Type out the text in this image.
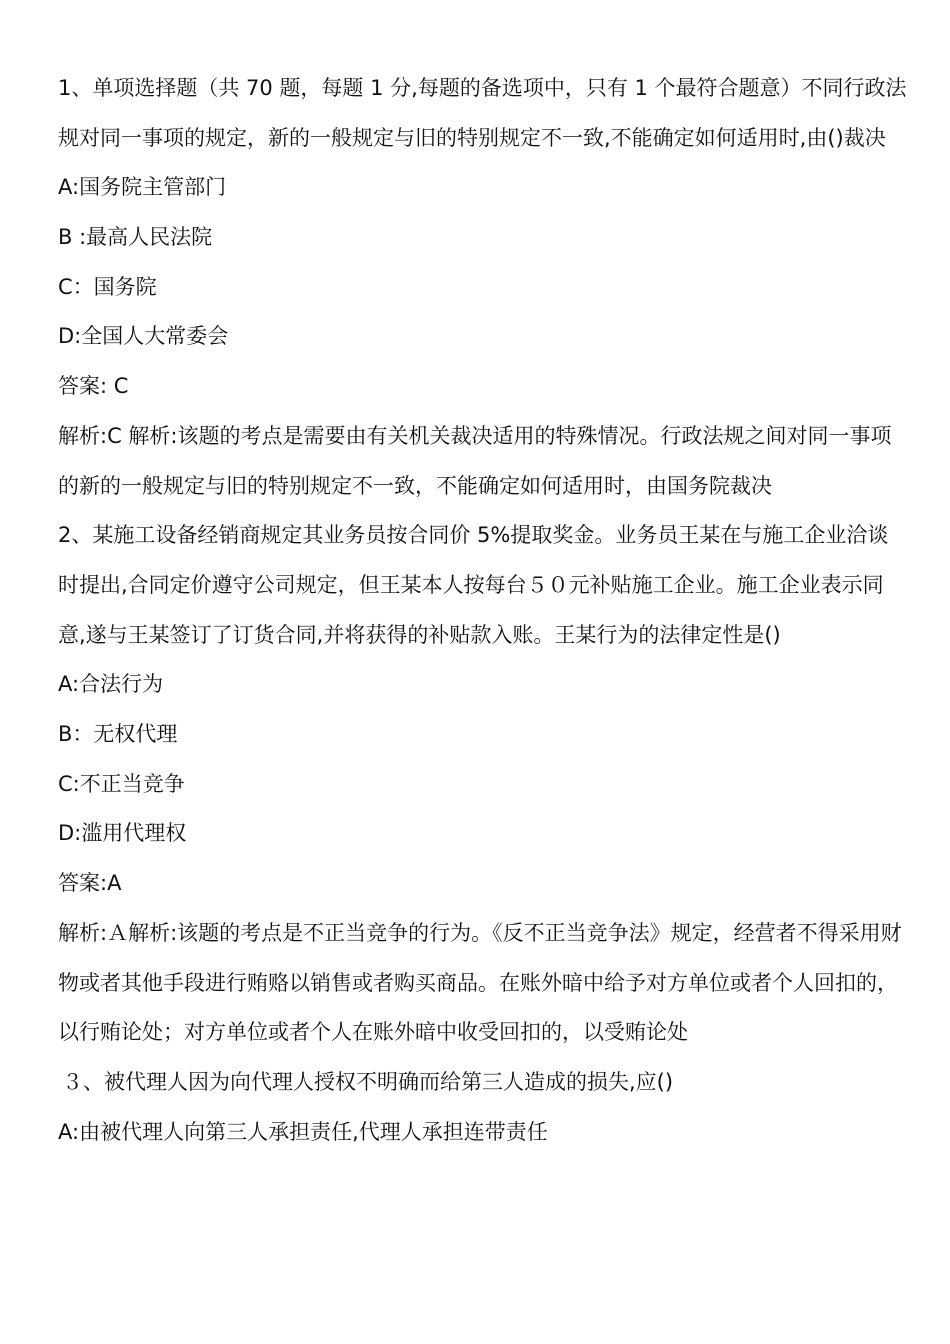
1、单项选择题（共 70 题，每题 1 分,每题的备选项中，只有 1 个最符合题意）不同行政法规对同一事项的规定，新的一般规定与旧的特别规定不一致,不能确定如何适用时,由()裁决
A:国务院主管部门
B :最高人民法院
C：国务院
D:全国人大常委会
答案: C
解析:C 解析:该题的考点是需要由有关机关裁决适用的特殊情况。行政法规之间对同一事项的新的一般规定与旧的特别规定不一致，不能确定如何适用时，由国务院裁决
2、某施工设备经销商规定其业务员按合同价 5%提取奖金。业务员王某在与施工企业洽谈时提出,合同定价遵守公司规定，但王某本人按每台５０元补贴施工企业。施工企业表示同意,遂与王某签订了订货合同,并将获得的补贴款入账。王某行为的法律定性是()
A:合法行为
B：无权代理
C:不正当竞争
D:滥用代理权
答案:A
解析:Ａ解析:该题的考点是不正当竞争的行为。《反不正当竞争法》规定，经营者不得采用财物或者其他手段进行贿赂以销售或者购买商品。在账外暗中给予对方单位或者个人回扣的，以行贿论处；对方单位或者个人在账外暗中收受回扣的，以受贿论处
３、被代理人因为向代理人授权不明确而给第三人造成的损失,应()
A:由被代理人向第三人承担责任,代理人承担连带责任
